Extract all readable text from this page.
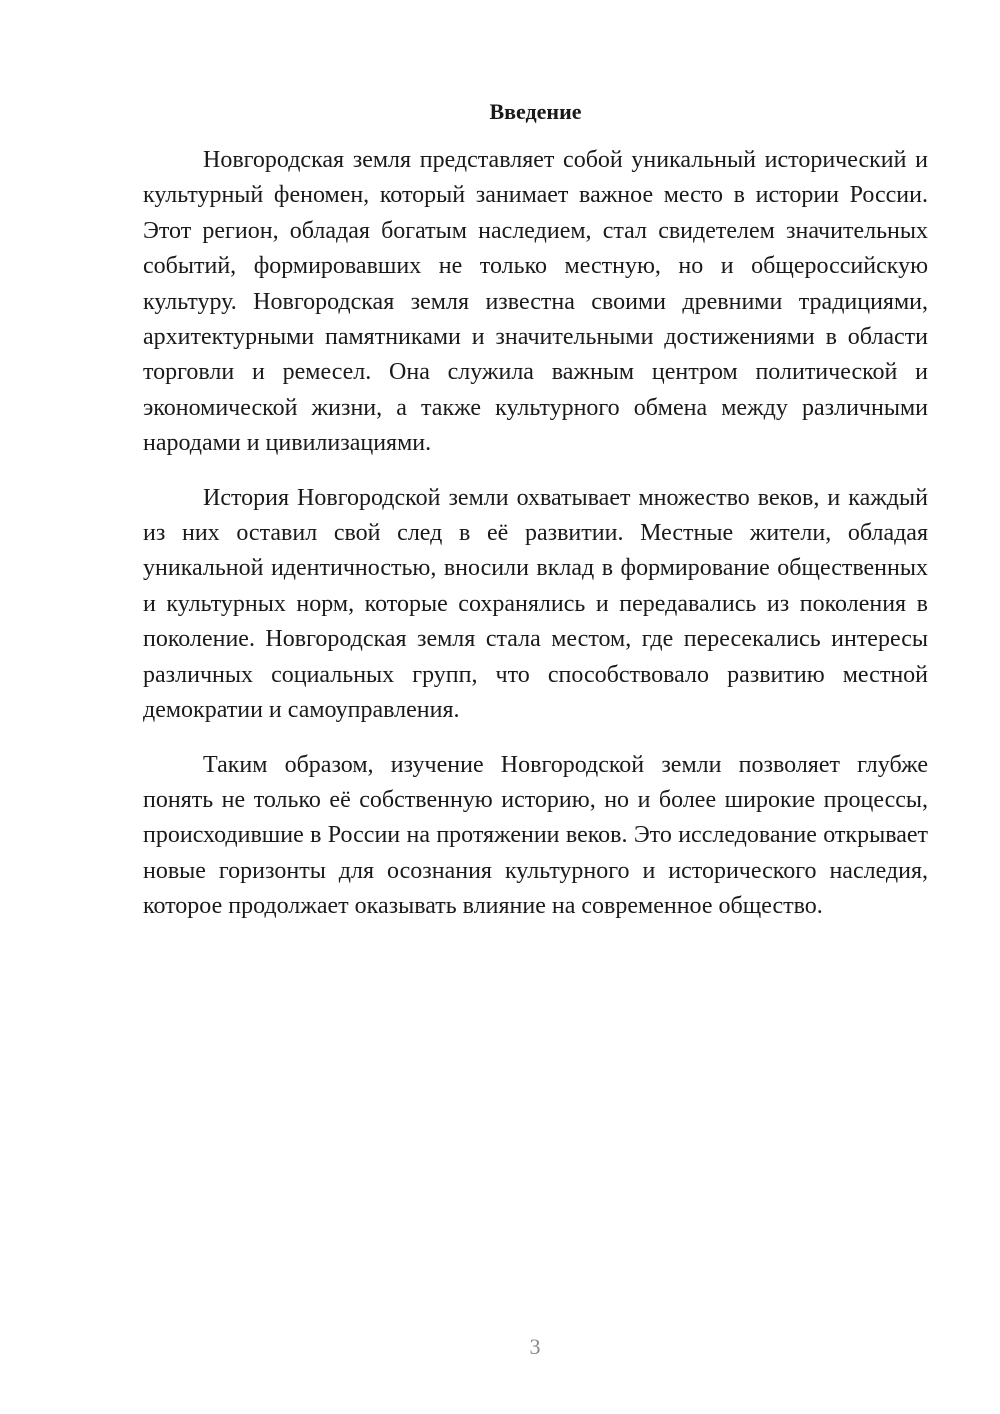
Введение

Новгородская земля представляет собой уникальный исторический и культурный феномен, который занимает важное место в истории России. Этот регион, обладая богатым наследием, стал свидетелем значительных событий, формировавших не только местную, но и общероссийскую культуру. Новгородская земля известна своими древними традициями, архитектурными памятниками и значительными достижениями в области торговли и ремесел. Она служила важным центром политической и экономической жизни, а также культурного обмена между различными народами и цивилизациями.

История Новгородской земли охватывает множество веков, и каждый из них оставил свой след в её развитии. Местные жители, обладая уникальной идентичностью, вносили вклад в формирование общественных и культурных норм, которые сохранялись и передавались из поколения в поколение. Новгородская земля стала местом, где пересекались интересы различных социальных групп, что способствовало развитию местной демократии и самоуправления.

Таким образом, изучение Новгородской земли позволяет глубже понять не только её собственную историю, но и более широкие процессы, происходившие в России на протяжении веков. Это исследование открывает новые горизонты для осознания культурного и исторического наследия, которое продолжает оказывать влияние на современное общество.

3
